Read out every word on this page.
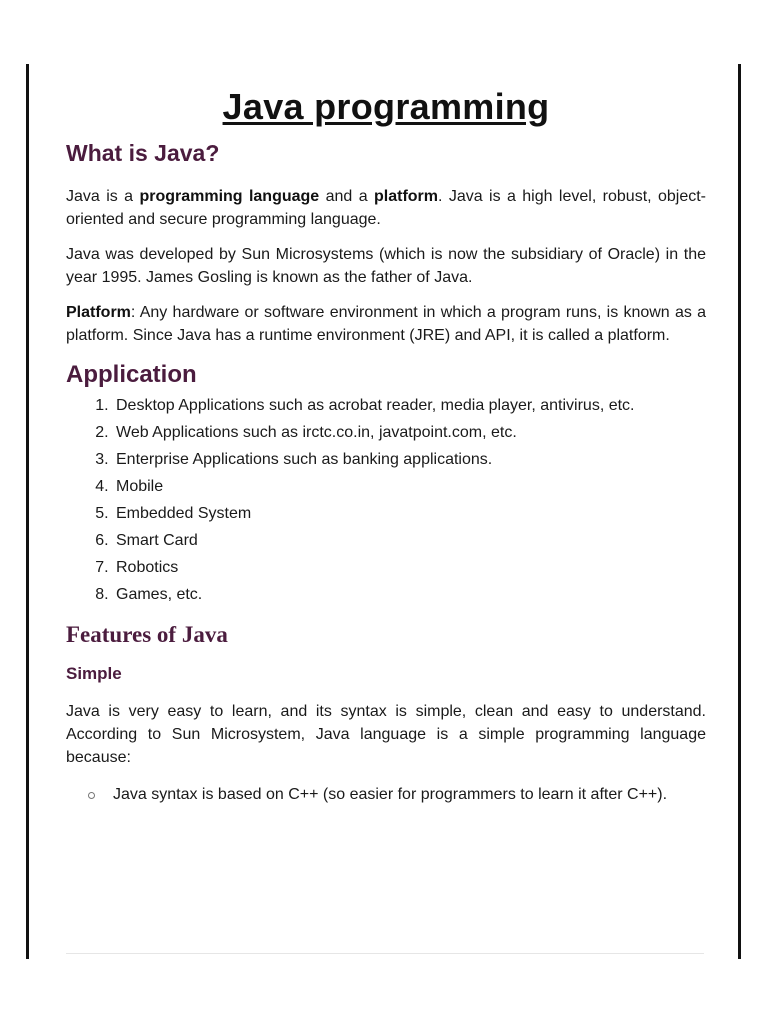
Java programming
What is Java?

Java is a programming language and a platform. Java is a high level, robust, object-oriented and secure programming language.

Java was developed by Sun Microsystems (which is now the subsidiary of Oracle) in the year 1995. James Gosling is known as the father of Java.

Platform: Any hardware or software environment in which a program runs, is known as a platform. Since Java has a runtime environment (JRE) and API, it is called a platform.

Application
1. Desktop Applications such as acrobat reader, media player, antivirus, etc.
2. Web Applications such as irctc.co.in, javatpoint.com, etc.
3. Enterprise Applications such as banking applications.
4. Mobile
5. Embedded System
6. Smart Card
7. Robotics
8. Games, etc.
Features of Java
Simple

Java is very easy to learn, and its syntax is simple, clean and easy to understand. According to Sun Microsystem, Java language is a simple programming language because:

Java syntax is based on C++ (so easier for programmers to learn it after C++).
